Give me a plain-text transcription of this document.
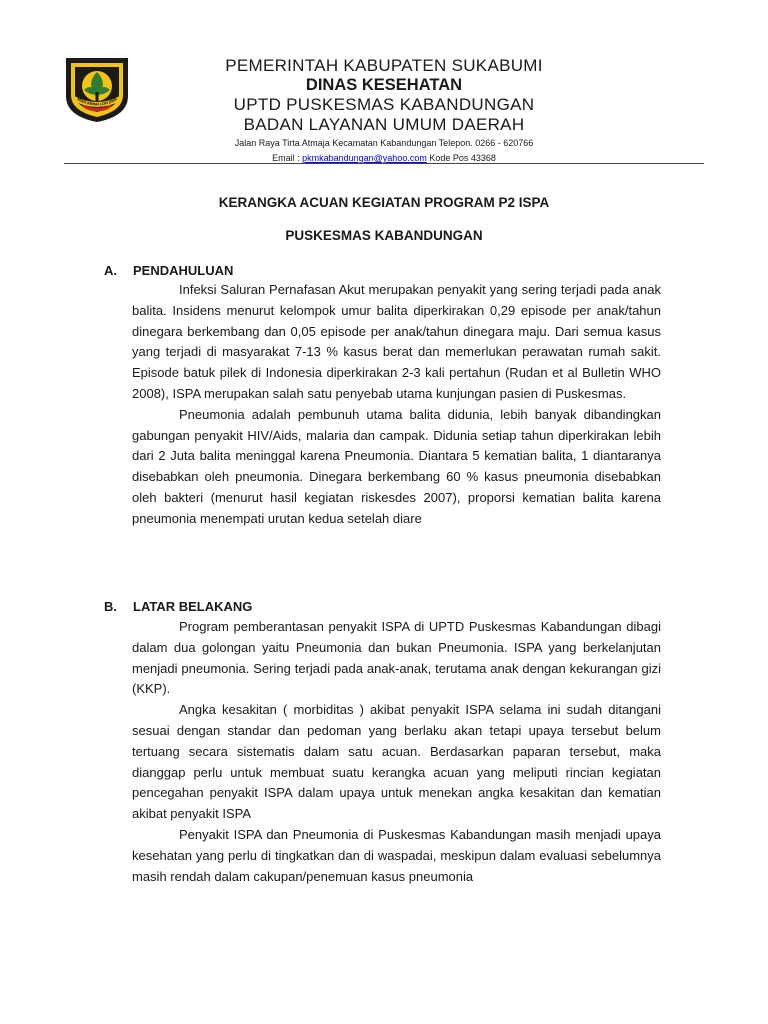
MAH RIPAH LOH JINA
PEMERINTAH KABUPATEN SUKABUMI
DINAS KESEHATAN
UPTD PUSKESMAS KABANDUNGAN
BADAN LAYANAN UMUM DAERAH
Jalan Raya Tirta Atmaja Kecamatan Kabandungan Telepon. 0266 - 620766
Email : pkmkabandungan@yahoo.com Kode Pos 43368
KERANGKA ACUAN KEGIATAN PROGRAM P2 ISPA
PUSKESMAS KABANDUNGAN
A. PENDAHULUAN

Infeksi Saluran Pernafasan Akut merupakan penyakit yang sering terjadi pada anak balita. Insidens menurut kelompok umur balita diperkirakan 0,29 episode per anak/tahun dinegara berkembang dan 0,05 episode per anak/tahun dinegara maju. Dari semua kasus yang terjadi di masyarakat 7-13 % kasus berat dan memerlukan perawatan rumah sakit. Episode batuk pilek di Indonesia diperkirakan 2-3 kali pertahun (Rudan et al Bulletin WHO 2008), ISPA merupakan salah satu penyebab utama kunjungan pasien di Puskesmas.

Pneumonia adalah pembunuh utama balita didunia, lebih banyak dibandingkan gabungan penyakit HIV/Aids, malaria dan campak. Didunia setiap tahun diperkirakan lebih dari 2 Juta balita meninggal karena Pneumonia. Diantara 5 kematian balita, 1 diantaranya disebabkan oleh pneumonia. Dinegara berkembang 60 % kasus pneumonia disebabkan oleh bakteri (menurut hasil kegiatan riskesdes 2007), proporsi kematian balita karena pneumonia menempati urutan kedua setelah diare

B. LATAR BELAKANG

Program pemberantasan penyakit ISPA di UPTD Puskesmas Kabandungan dibagi dalam dua golongan yaitu Pneumonia dan bukan Pneumonia. ISPA yang berkelanjutan menjadi pneumonia. Sering terjadi pada anak-anak, terutama anak dengan kekurangan gizi (KKP).

Angka kesakitan ( morbiditas ) akibat penyakit ISPA selama ini sudah ditangani sesuai dengan standar dan pedoman yang berlaku akan tetapi upaya tersebut belum tertuang secara sistematis dalam satu acuan. Berdasarkan paparan tersebut, maka dianggap perlu untuk membuat suatu kerangka acuan yang meliputi rincian kegiatan pencegahan penyakit ISPA dalam upaya untuk menekan angka kesakitan dan kematian akibat penyakit ISPA

Penyakit ISPA dan Pneumonia di Puskesmas Kabandungan masih menjadi upaya kesehatan yang perlu di tingkatkan dan di waspadai, meskipun dalam evaluasi sebelumnya masih rendah dalam cakupan/penemuan kasus pneumonia
